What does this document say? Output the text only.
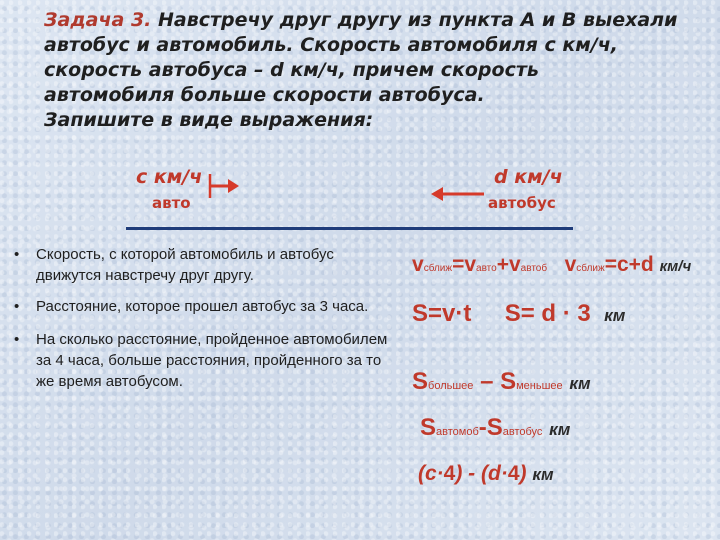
Задача 3. Навстречу друг другу из пункта А и В выехали
автобус и автомобиль. Скорость автомобиля с км/ч,
скорость автобуса – d км/ч, причем скорость
автомобиля больше скорости автобуса.
Запишите в виде выражения:
с км/ч
авто
d км/ч
автобус
• Скорость, с которой автомобиль и автобус движутся навстречу друг другу.
• Расстояние, которое прошел автобус за 3 часа.
• На сколько расстояние, пройденное автомобилем за 4 часа, больше расстояния, пройденного за то же время автобусом.
vсближ=vавто+vавтоб vсближ=с+d км/ч
S=v·t S= d · 3 км
Sбольшее – Sменьшее км
Sавтомоб-Sавтобус км
(с·4) - (d·4) км
